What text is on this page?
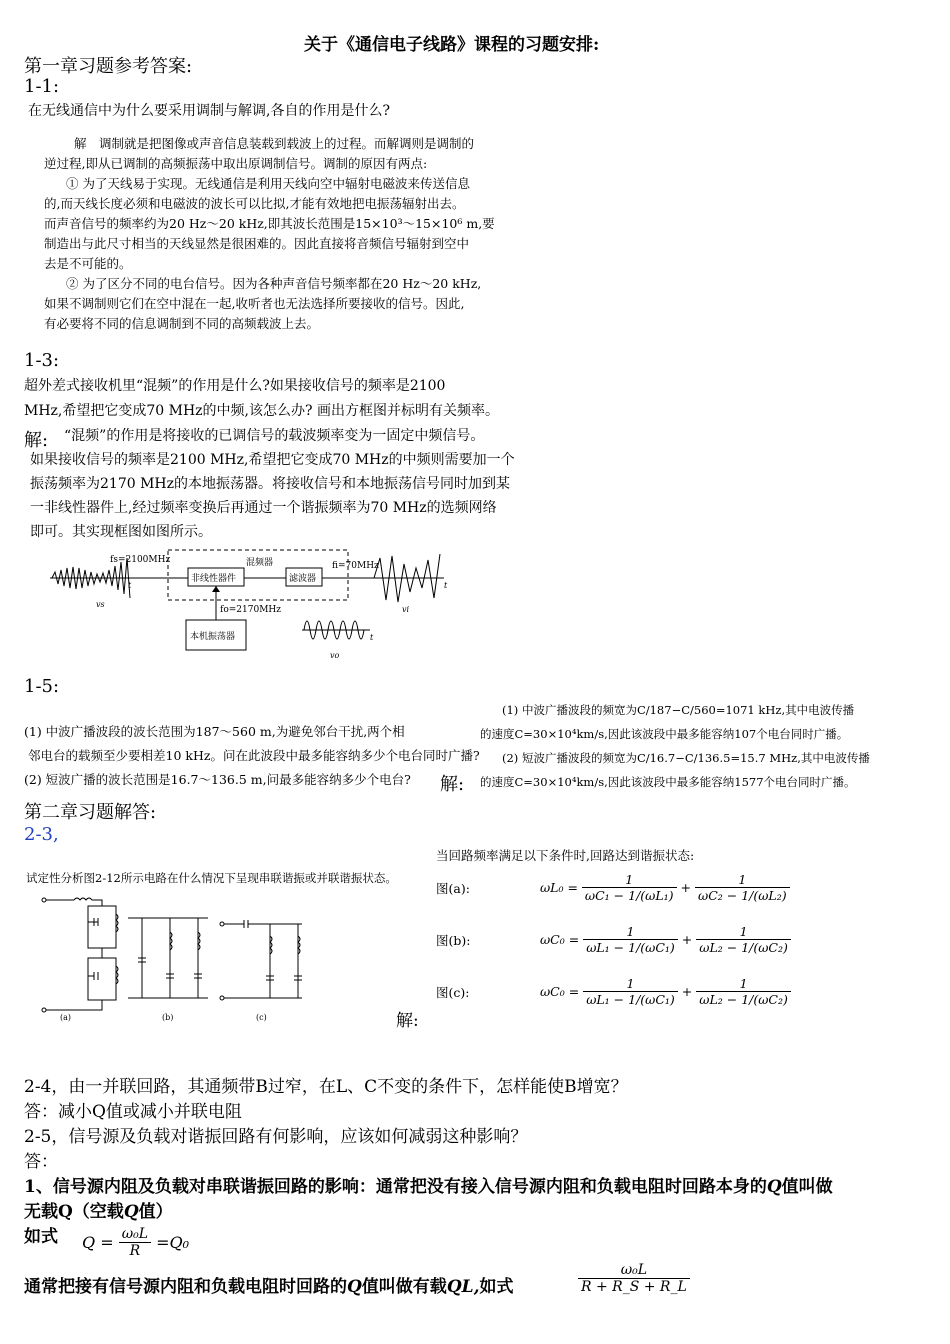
关于《通信电子线路》课程的习题安排:
第一章习题参考答案:
1-1:
在无线通信中为什么要采用调制与解调,各自的作用是什么?
解　调制就是把图像或声音信息装载到载波上的过程。而解调则是调制的
逆过程,即从已调制的高频振荡中取出原调制信号。调制的原因有两点:
① 为了天线易于实现。无线通信是利用天线向空中辐射电磁波来传送信息
的,而天线长度必须和电磁波的波长可以比拟,才能有效地把电振荡辐射出去。
而声音信号的频率约为20 Hz～20 kHz,即其波长范围是15×10³～15×10⁶ m,要
制造出与此尺寸相当的天线显然是很困难的。因此直接将音频信号辐射到空中
去是不可能的。
② 为了区分不同的电台信号。因为各种声音信号频率都在20 Hz～20 kHz,
如果不调制则它们在空中混在一起,收听者也无法选择所要接收的信号。因此,
有必要将不同的信息调制到不同的高频载波上去。
1-3:
超外差式接收机里“混频”的作用是什么?如果接收信号的频率是2100
MHz,希望把它变成70 MHz的中频,该怎么办? 画出方框图并标明有关频率。
解:	“混频”的作用是将接收的已调信号的载波频率变为一固定中频信号。
如果接收信号的频率是2100 MHz,希望把它变成70 MHz的中频则需要加一个
振荡频率为2170 MHz的本地振荡器。将接收信号和本地振荡信号同时加到某
一非线性器件上,经过频率变换后再通过一个谐振频率为70 MHz的选频网络
即可。其实现框图如图所示。
vs
t
fs=2100MHz	混频器
非线性器件	滤波器
fi=70MHz
vi
t
fo=2170MHz
本机振荡器
vo
t
1-5:
(1) 中波广播波段的波长范围为187～560 m,为避免邻台干扰,两个相
邻电台的载频至少要相差10 kHz。问在此波段中最多能容纳多少个电台同时广播?
(2) 短波广播的波长范围是16.7～136.5 m,问最多能容纳多少个电台?	解:
(1) 中波广播波段的频宽为C/187−C/560=1071 kHz,其中电波传播
的速度C=30×10⁴km/s,因此该波段中最多能容纳107个电台同时广播。
(2) 短波广播波段的频宽为C/16.7−C/136.5=15.7 MHz,其中电波传播
的速度C=30×10⁴km/s,因此该波段中最多能容纳1577个电台同时广播。
第二章习题解答:
2-3,
试定性分析图2-12所示电路在什么情况下呈现串联谐振或并联谐振状态。
(a)	(b)	(c)	解:
当回路频率满足以下条件时,回路达到谐振状态:
图(a):	$\omega L_0 = \frac{1}{\text{ωC₁ − 1/(ωL₁)}} + \frac{1}{\text{ωC₂ − 1/(ωL₂)}}$
图(b):	$\omega C_0 = \frac{1}{\text{ωL₁ − 1/(ωC₁)}} + \frac{1}{\text{ωL₂ − 1/(ωC₂)}}$
图(c):	$\omega C_0 = \frac{1}{\text{ωL₁ − 1/(ωC₁)}} + \frac{1}{\text{ωL₂ − 1/(ωC₂)}}$
2-4，由一并联回路，其通频带B过窄，在L、C不变的条件下，怎样能使B增宽？
答：减小Q值或减小并联电阻
2-5，信号源及负载对谐振回路有何影响，应该如何减弱这种影响？
答：
1、信号源内阻及负载对串联谐振回路的影响：通常把没有接入信号源内阻和负载电阻时回路本身的Q值叫做
无载Q（空载Q值）
如式 $Q = \frac{\text{ω₀L}}{R} =Q_0$
通常把接有信号源内阻和负载电阻时回路的Q值叫做有载QL,如式	$\frac{\text{ω₀L}}{R + R\_S + R\_L}$
